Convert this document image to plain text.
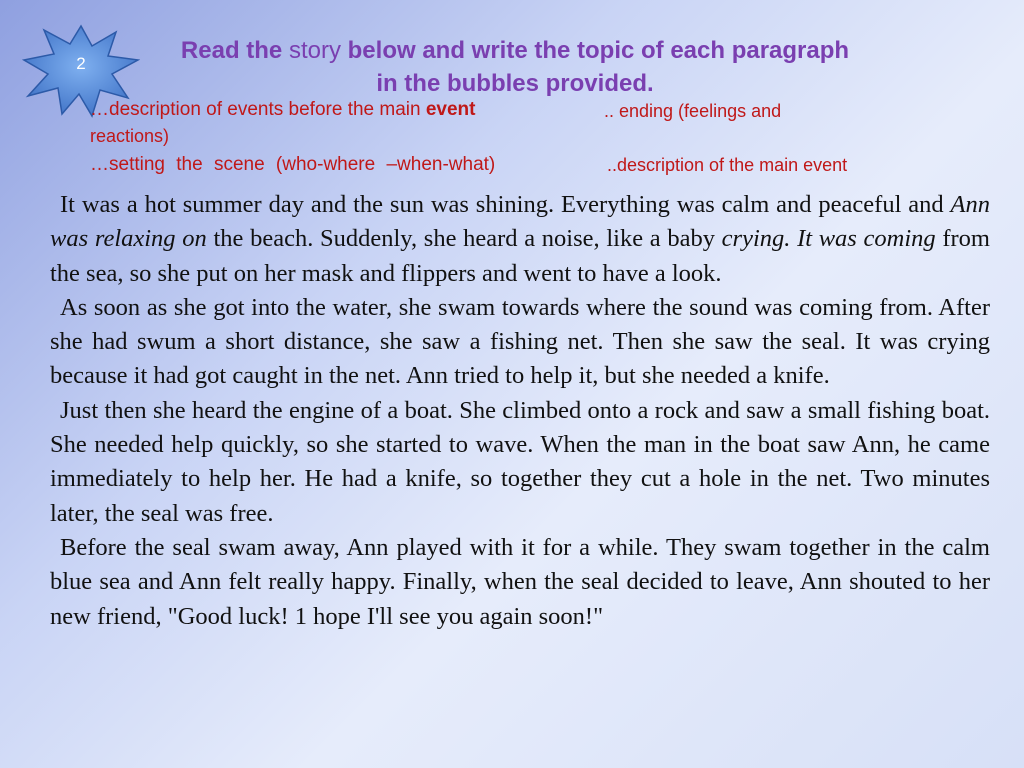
2	Read the story below and write the topic of each paragraph in the bubbles provided.
…description of events before the main event	.. ending (feelings and
reactions)
…setting the scene (who-where –when-what)	..description of the main event

It was a hot summer day and the sun was shining. Everything was calm and peaceful and Ann was relaxing on the beach. Suddenly, she heard a noise, like a baby crying. It was coming from the sea, so she put on her mask and flippers and went to have a look.

As soon as she got into the water, she swam towards where the sound was coming from. After she had swum a short distance, she saw a fishing net. Then she saw the seal. It was crying because it had got caught in the net. Ann tried to help it, but she needed a knife.

Just then she heard the engine of a boat. She climbed onto a rock and saw a small fishing boat. She needed help quickly, so she started to wave. When the man in the boat saw Ann, he came immediately to help her. He had a knife, so together they cut a hole in the net. Two minutes later, the seal was free.

Before the seal swam away, Ann played with it for a while. They swam together in the calm blue sea and Ann felt really happy. Finally, when the seal decided to leave, Ann shouted to her new friend, "Good luck! 1 hope I'll see you again soon!"
